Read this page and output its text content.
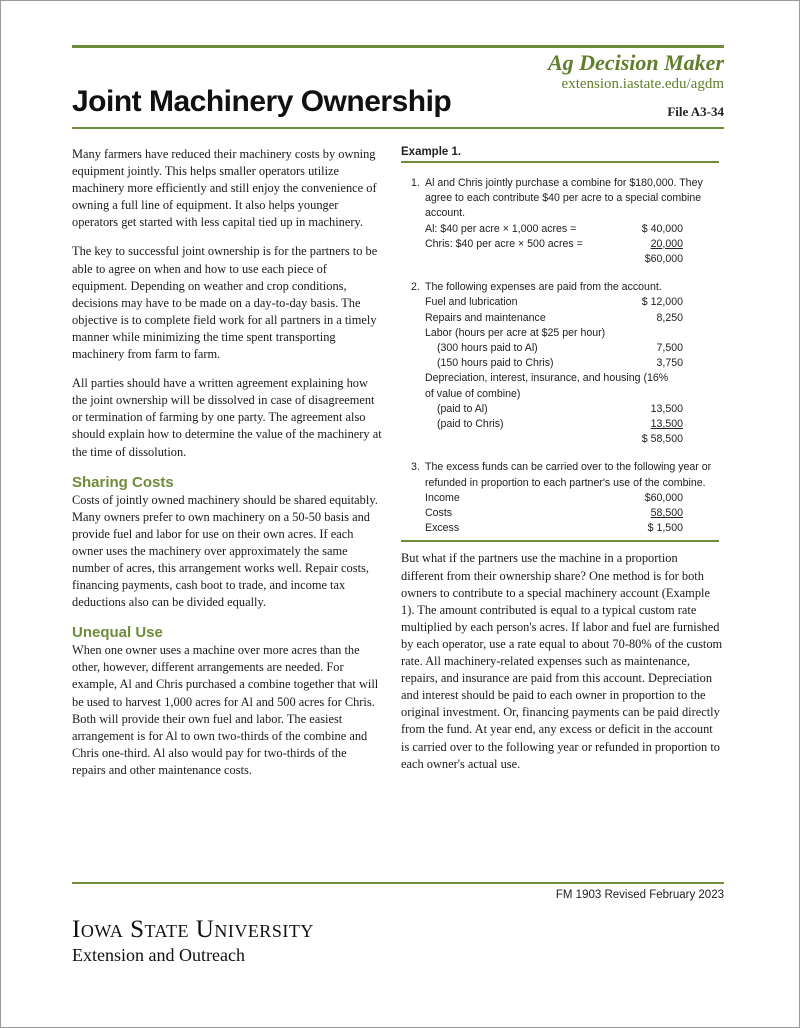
Ag Decision Maker
extension.iastate.edu/agdm
Joint Machinery Ownership	File A3-34

Many farmers have reduced their machinery costs by owning equipment jointly. This helps smaller operators utilize machinery more efficiently and still enjoy the convenience of owning a full line of equipment. It also helps younger operators get started with less capital tied up in machinery.

The key to successful joint ownership is for the partners to be able to agree on when and how to use each piece of equipment. Depending on weather and crop conditions, decisions may have to be made on a day-to-day basis. The objective is to complete field work for all partners in a timely manner while minimizing the time spent transporting machinery from farm to farm.

All parties should have a written agreement explaining how the joint ownership will be dissolved in case of disagreement or termination of farming by one party. The agreement also should explain how to determine the value of the machinery at the time of dissolution.

Sharing Costs

Costs of jointly owned machinery should be shared equitably. Many owners prefer to own machinery on a 50-50 basis and provide fuel and labor for use on their own acres. If each owner uses the machinery over approximately the same number of acres, this arrangement works well. Repair costs, financing payments, cash boot to trade, and income tax deductions also can be divided equally.

Unequal Use

When one owner uses a machine over more acres than the other, however, different arrangements are needed. For example, Al and Chris purchased a combine together that will be used to harvest 1,000 acres for Al and 500 acres for Chris. Both will provide their own fuel and labor. The easiest arrangement is for Al to own two-thirds of the combine and Chris one-third. Al also would pay for two-thirds of the repairs and other maintenance costs.

Example 1.
1. Al and Chris jointly purchase a combine for $180,000. They agree to each contribute $40 per acre to a special combine account.
Al: $40 per acre × 1,000 acres =	$ 40,000
Chris: $40 per acre × 500 acres =	20,000
$60,000
2. The following expenses are paid from the account.
Fuel and lubrication	$ 12,000
Repairs and maintenance	8,250
Labor (hours per acre at $25 per hour)
(300 hours paid to Al)	7,500
(150 hours paid to Chris)	3,750
Depreciation, interest, insurance, and housing (16% of value of combine)
(paid to Al)	13,500
(paid to Chris)	13,500
$ 58,500
3. The excess funds can be carried over to the following year or refunded in proportion to each partner's use of the combine.
Income	$60,000
Costs	58,500
Excess	$ 1,500

But what if the partners use the machine in a proportion different from their ownership share? One method is for both owners to contribute to a special machinery account (Example 1). The amount contributed is equal to a typical custom rate multiplied by each person's acres. If labor and fuel are furnished by each operator, use a rate equal to about 70-80% of the custom rate. All machinery-related expenses such as maintenance, repairs, and insurance are paid from this account. Depreciation and interest should be paid to each owner in proportion to the original investment. Or, financing payments can be paid directly from the fund. At year end, any excess or deficit in the account is carried over to the following year or refunded in proportion to each owner's actual use.

FM 1903 Revised February 2023
Iowa State University
Extension and Outreach
